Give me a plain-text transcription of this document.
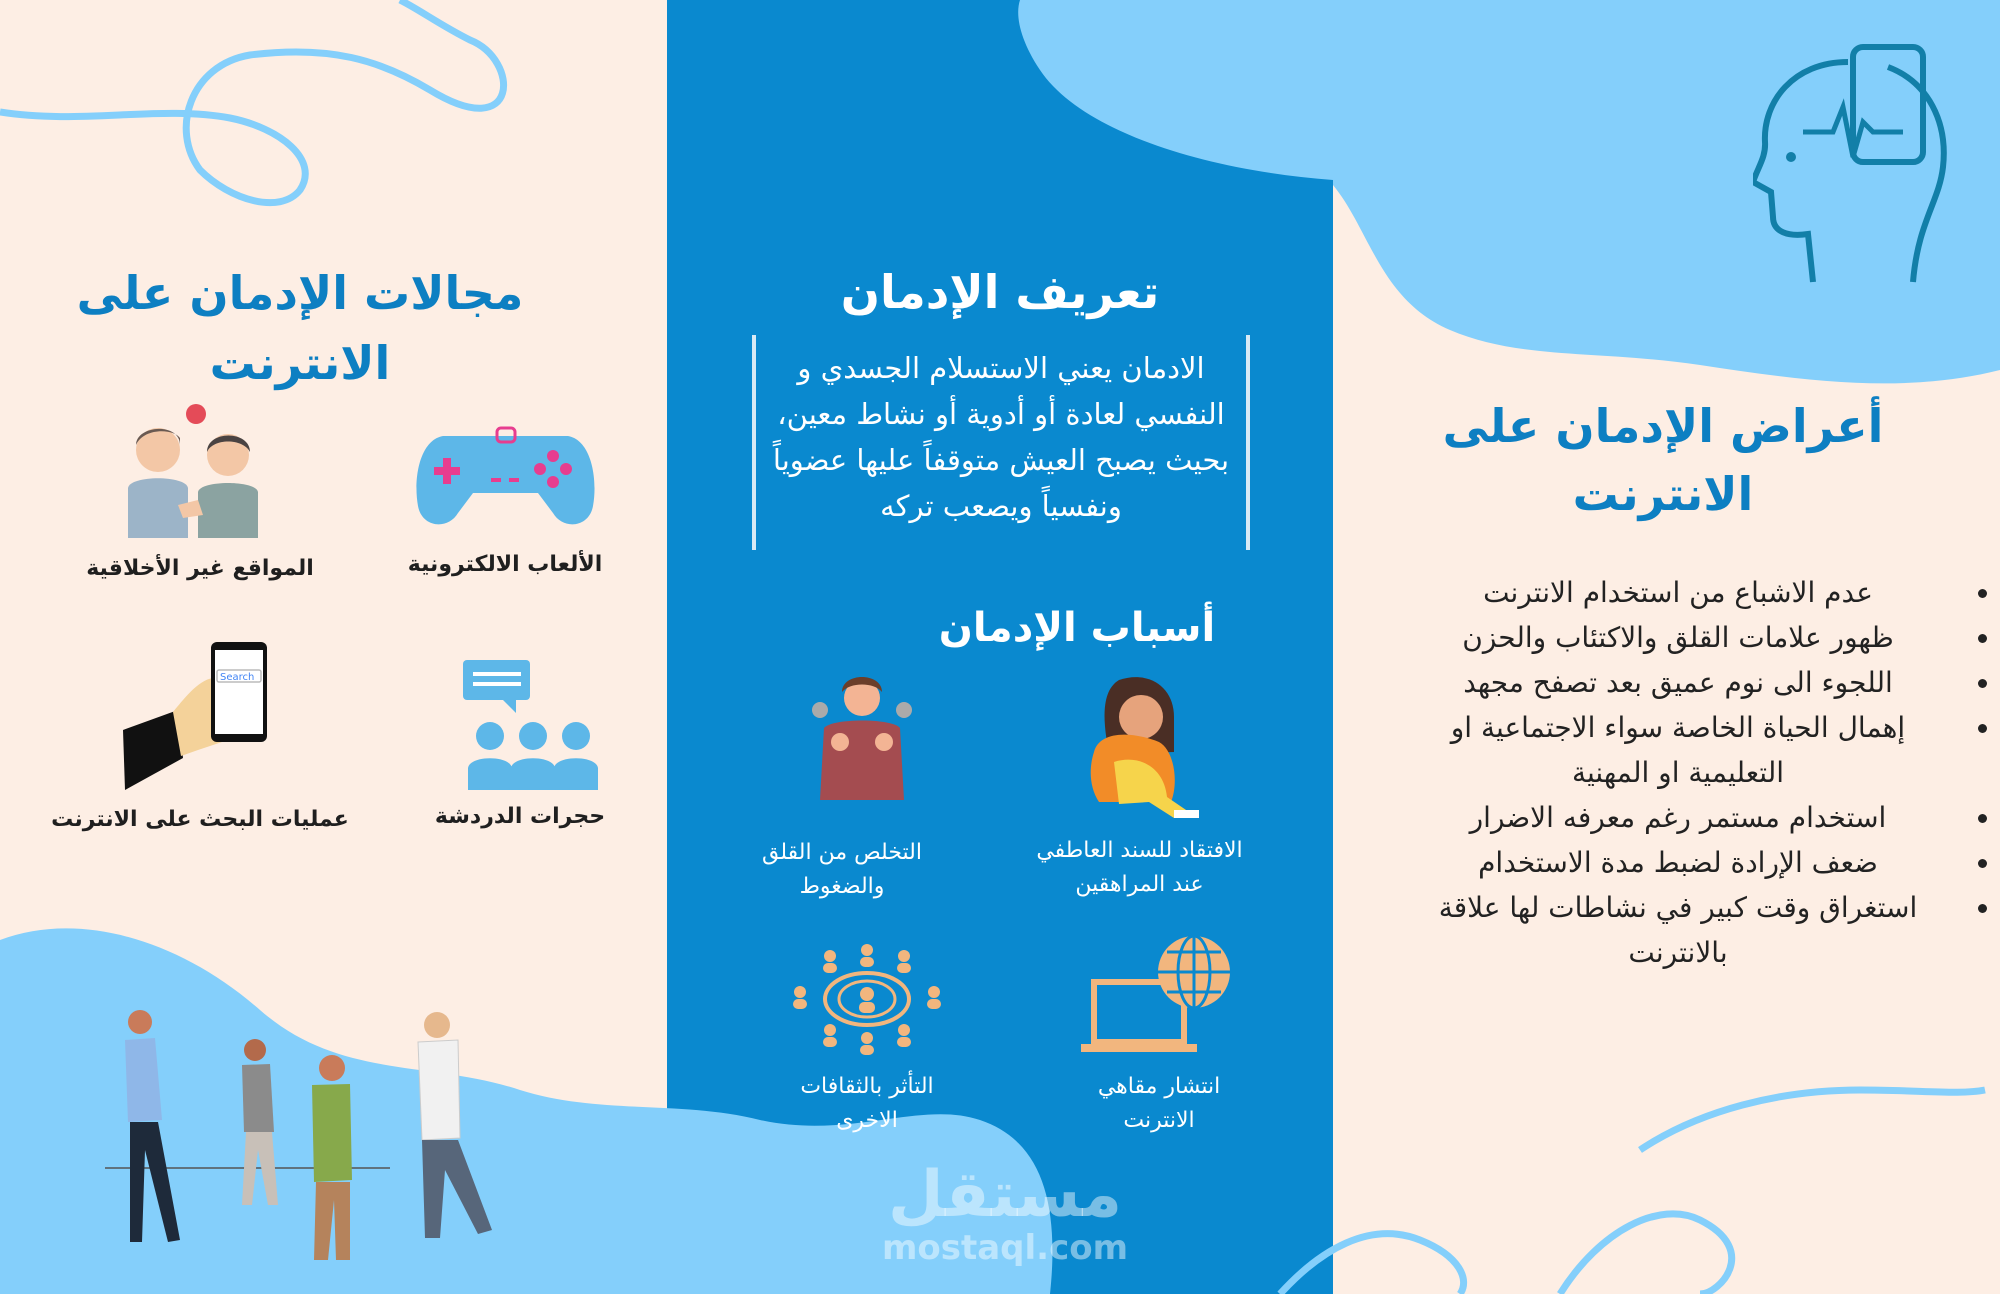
مجالات الإدمان على الانترنت
الألعاب الالكترونية
المواقع غير الأخلاقية
حجرات الدردشة
Search
عمليات البحث على الانترنت
تعريف الإدمان
الادمان يعني الاستسلام الجسدي و النفسي لعادة أو أدوية أو نشاط معين، بحيث يصبح العيش متوقفاً عليها عضوياً ونفسياً ويصعب تركه
أسباب الإدمان
الافتقاد للسند العاطفي عند المراهقين
التخلص من القلق والضغوط
انتشار مقاهي الانترنت
التأثر بالثقافات الاخرى
أعراض الإدمان على الانترنت
• عدم الاشباع من استخدام الانترنت
• ظهور علامات القلق والاكتئاب والحزن
• اللجوء الى نوم عميق بعد تصفح مجهد
• إهمال الحياة الخاصة سواء الاجتماعية او التعليمية او المهنية
• استخدام مستمر رغم معرفه الاضرار
• ضعف الإرادة لضبط مدة الاستخدام
• استغراق وقت كبير في نشاطات لها علاقة بالانترنت
مستقل
mostaql.com
